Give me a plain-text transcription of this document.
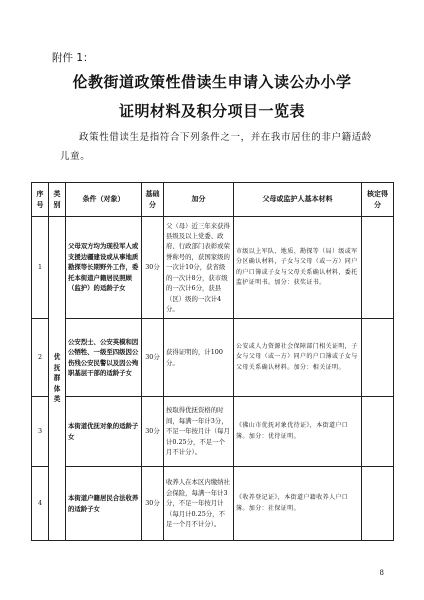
附件 1：
伦教街道政策性借读生申请入读公办小学
证明材料及积分项目一览表
政策性借读生是指符合下列条件之一，并在我市居住的非户籍适龄儿童。
序号	类别	条件（对象）	基础分	加分	父母或监护人基本材料	核定得分
1	优抚群体类	父母双方均为现役军人或支援边疆建设或从事地质勘探等长期野外工作，委托本街道户籍居民照顾（监护）的适龄子女	30分	父（母）近三年来获得县级及以上党委、政府、行政部门表彰或荣誉称号的，获国家级的一次计10分，获省级的一次计8分，获市级的一次计6分，获县（区）级的一次计4分。	市级以上军队、地质、勘探等（局）级或军分区确认材料，子女与父母（或一方）同户的户口簿或子女与父母关系确认材料，委托监护证明书。加分：获奖证书。	
2		公安烈士、公安英模和因公牺牲、一级至四级因公伤残公安民警以及因公殉职基层干部的适龄子女	30分	获得证明的，计100分。	公安或人力资源社会保障部门相关证明，子女与父母（或一方）同户的户口簿或子女与父母关系确认材料。加分：相关证明。	
3		本街道优抚对象的适龄子女	30分	按取得优抚资格的时间，每满一年计3分，不足一年按月计（每月计0.25分，不足一个月不计分）。	《佛山市优抚对象优待证》，本街道户口簿。加分：优待证明。	
4		本街道户籍居民合法收养的适龄子女	30分	收养人在本区内缴纳社会保险，每满一年计3分，不足一年按月计（每月计0.25分，不足一个月不计分）。	《收养登记证》，本街道户籍收养人户口簿。加分：社保证明。	
8
